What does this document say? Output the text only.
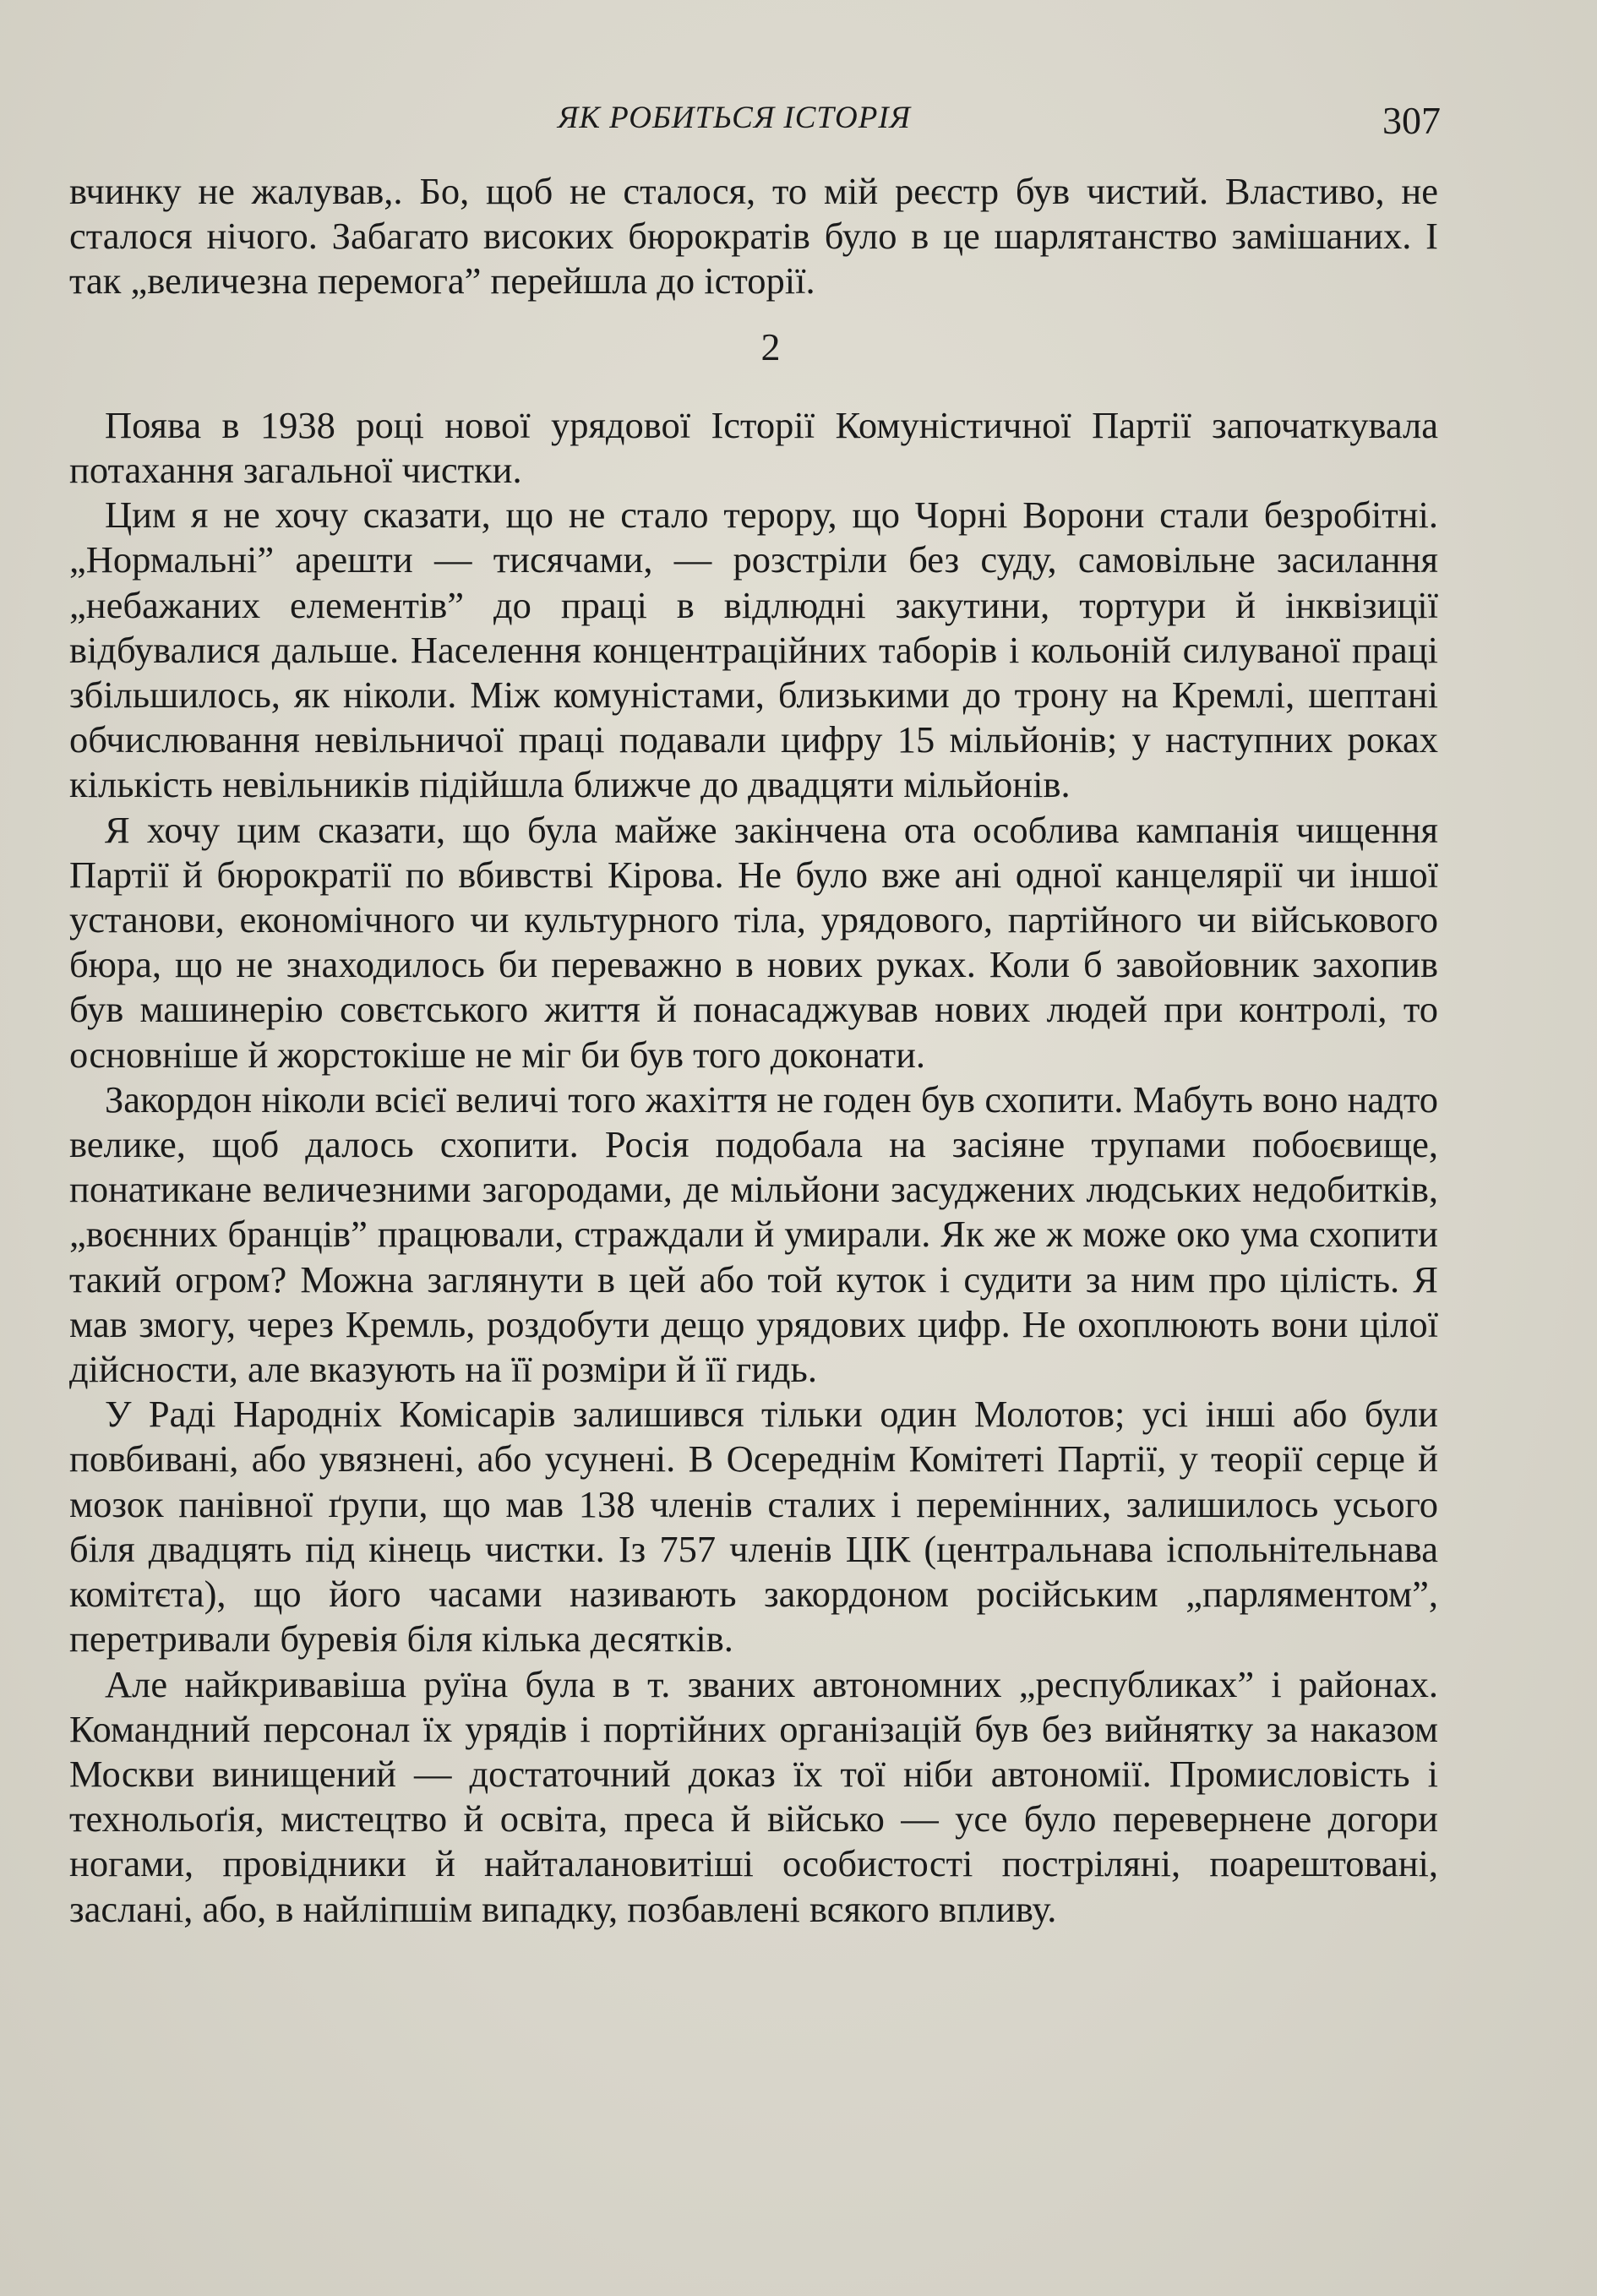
ЯК РОБИТЬСЯ ІСТОРІЯ	307

вчинку не жалував,. Бо, щоб не сталося, то мій реєстр був чистий. Властиво, не сталося нічого. Забагато високих бюрократів було в це шарлятанство замішаних. І так „величезна перемога” перейшла до історії.

2

Поява в 1938 році нової урядової Історії Комуністичної Партії започаткувала потахання загальної чистки.

Цим я не хочу сказати, що не стало терору, що Чорні Ворони стали безробітні. „Нормальні” арешти — тисячами, — розстріли без суду, самовільне засилання „небажаних елементів” до праці в відлюдні закутини, тортури й інквізиції відбувалися дальше. Населення концентраційних таборів і кольоній силуваної праці збільшилось, як ніколи. Між комуністами, близькими до трону на Кремлі, шептані обчислювання невільничої праці подавали цифру 15 мільйонів; у наступних роках кількість невільників підійшла ближче до двадцяти мільйонів.

Я хочу цим сказати, що була майже закінчена ота особлива кампанія чищення Партії й бюрократії по вбивстві Кірова. Не було вже ані одної канцелярії чи іншої установи, економічного чи культурного тіла, урядового, партійного чи військового бюра, що не знаходилось би переважно в нових руках. Коли б завойовник захопив був машинерію совєтського життя й понасаджував нових людей при контролі, то основніше й жорстокіше не міг би був того доконати.

Закордон ніколи всієї величі того жахіття не годен був схопити. Мабуть воно надто велике, щоб далось схопити. Росія подобала на засіяне трупами побоєвище, понатикане величезними загородами, де мільйони засуджених людських недобитків, „воєнних бранців” працювали, страждали й умирали. Як же ж може око ума схопити такий огром? Можна заглянути в цей або той куток і судити за ним про цілість. Я мав змогу, через Кремль, роздобути дещо урядових цифр. Не охоплюють вони цілої дійсности, але вказують на її розміри й її гидь.

У Раді Народніх Комісарів залишився тільки один Молотов; усі інші або були повбивані, або увязнені, або усунені. В Осереднім Комітеті Партії, у теорії серце й мозок панівної ґрупи, що мав 138 членів сталих і перемінних, залишилось усього біля двадцять під кінець чистки. Із 757 членів ЦІК (центральнава іспольнітельнава комітєта), що його часами називають закордоном російським „парляментом”, перетривали буревія біля кілька десятків.

Але найкривавіша руїна була в т. званих автономних „республиках” і районах. Командний персонал їх урядів і портійних організацій був без вийнятку за наказом Москви винищений — достаточний доказ їх тої ніби автономії. Промисловість і технольоґія, мистецтво й освіта, преса й військо — усе було перевернене догори ногами, провідники й найталановитіші особистості постріляні, поарештовані, заслані, або, в найліпшім випадку, позбавлені всякого впливу.
